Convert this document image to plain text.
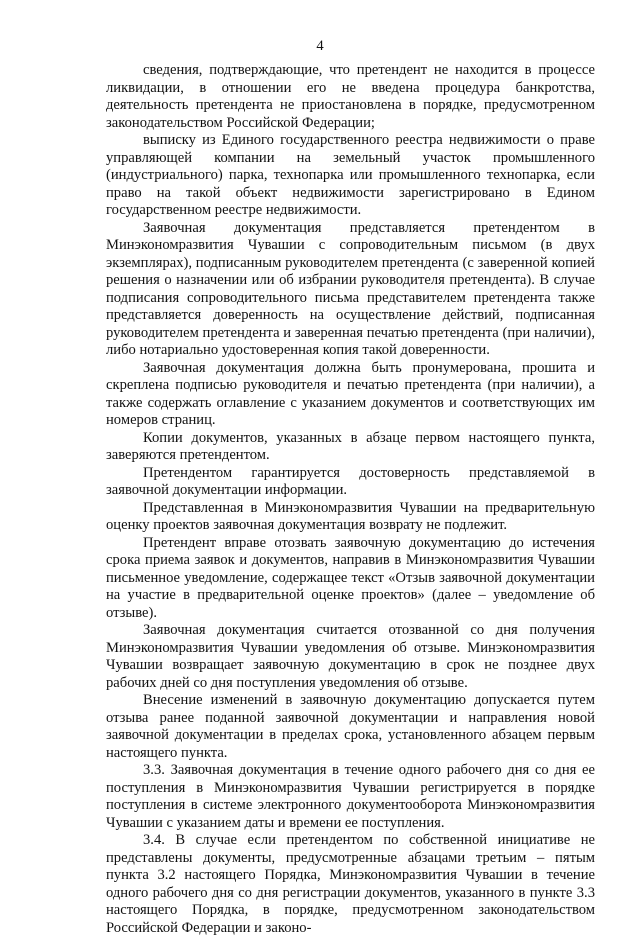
4

сведения, подтверждающие, что претендент не находится в процессе ликвидации, в отношении его не введена процедура банкротства, деятельность претендента не приостановлена в порядке, предусмотренном законодательством Российской Федерации;

выписку из Единого государственного реестра недвижимости о праве управляющей компании на земельный участок промышленного (индустриального) парка, технопарка или промышленного технопарка, если право на такой объект недвижимости зарегистрировано в Едином государственном реестре недвижимости.

Заявочная документация представляется претендентом в Минэкономразвития Чувашии с сопроводительным письмом (в двух экземплярах), подписанным руководителем претендента (с заверенной копией решения о назначении или об избрании руководителя претендента). В случае подписания сопроводительного письма представителем претендента также представляется доверенность на осуществление действий, подписанная руководителем претендента и заверенная печатью претендента (при наличии), либо нотариально удостоверенная копия такой доверенности.

Заявочная документация должна быть пронумерована, прошита и скреплена подписью руководителя и печатью претендента (при наличии), а также содержать оглавление с указанием документов и соответствующих им номеров страниц.

Копии документов, указанных в абзаце первом настоящего пункта, заверяются претендентом.

Претендентом гарантируется достоверность представляемой в заявочной документации информации.

Представленная в Минэкономразвития Чувашии на предварительную оценку проектов заявочная документация возврату не подлежит.

Претендент вправе отозвать заявочную документацию до истечения срока приема заявок и документов, направив в Минэкономразвития Чувашии письменное уведомление, содержащее текст «Отзыв заявочной документации на участие в предварительной оценке проектов» (далее – уведомление об отзыве).

Заявочная документация считается отозванной со дня получения Минэкономразвития Чувашии уведомления об отзыве. Минэкономразвития Чувашии возвращает заявочную документацию в срок не позднее двух рабочих дней со дня поступления уведомления об отзыве.

Внесение изменений в заявочную документацию допускается путем отзыва ранее поданной заявочной документации и направления новой заявочной документации в пределах срока, установленного абзацем первым настоящего пункта.

3.3. Заявочная документация в течение одного рабочего дня со дня ее поступления в Минэкономразвития Чувашии регистрируется в порядке поступления в системе электронного документооборота Минэкономразвития Чувашии с указанием даты и времени ее поступления.

3.4. В случае если претендентом по собственной инициативе не представлены документы, предусмотренные абзацами третьим – пятым пункта 3.2 настоящего Порядка, Минэкономразвития Чувашии в течение одного рабочего дня со дня регистрации документов, указанного в пункте 3.3 настоящего Порядка, в порядке, предусмотренном законодательством Российской Федерации и законо-
